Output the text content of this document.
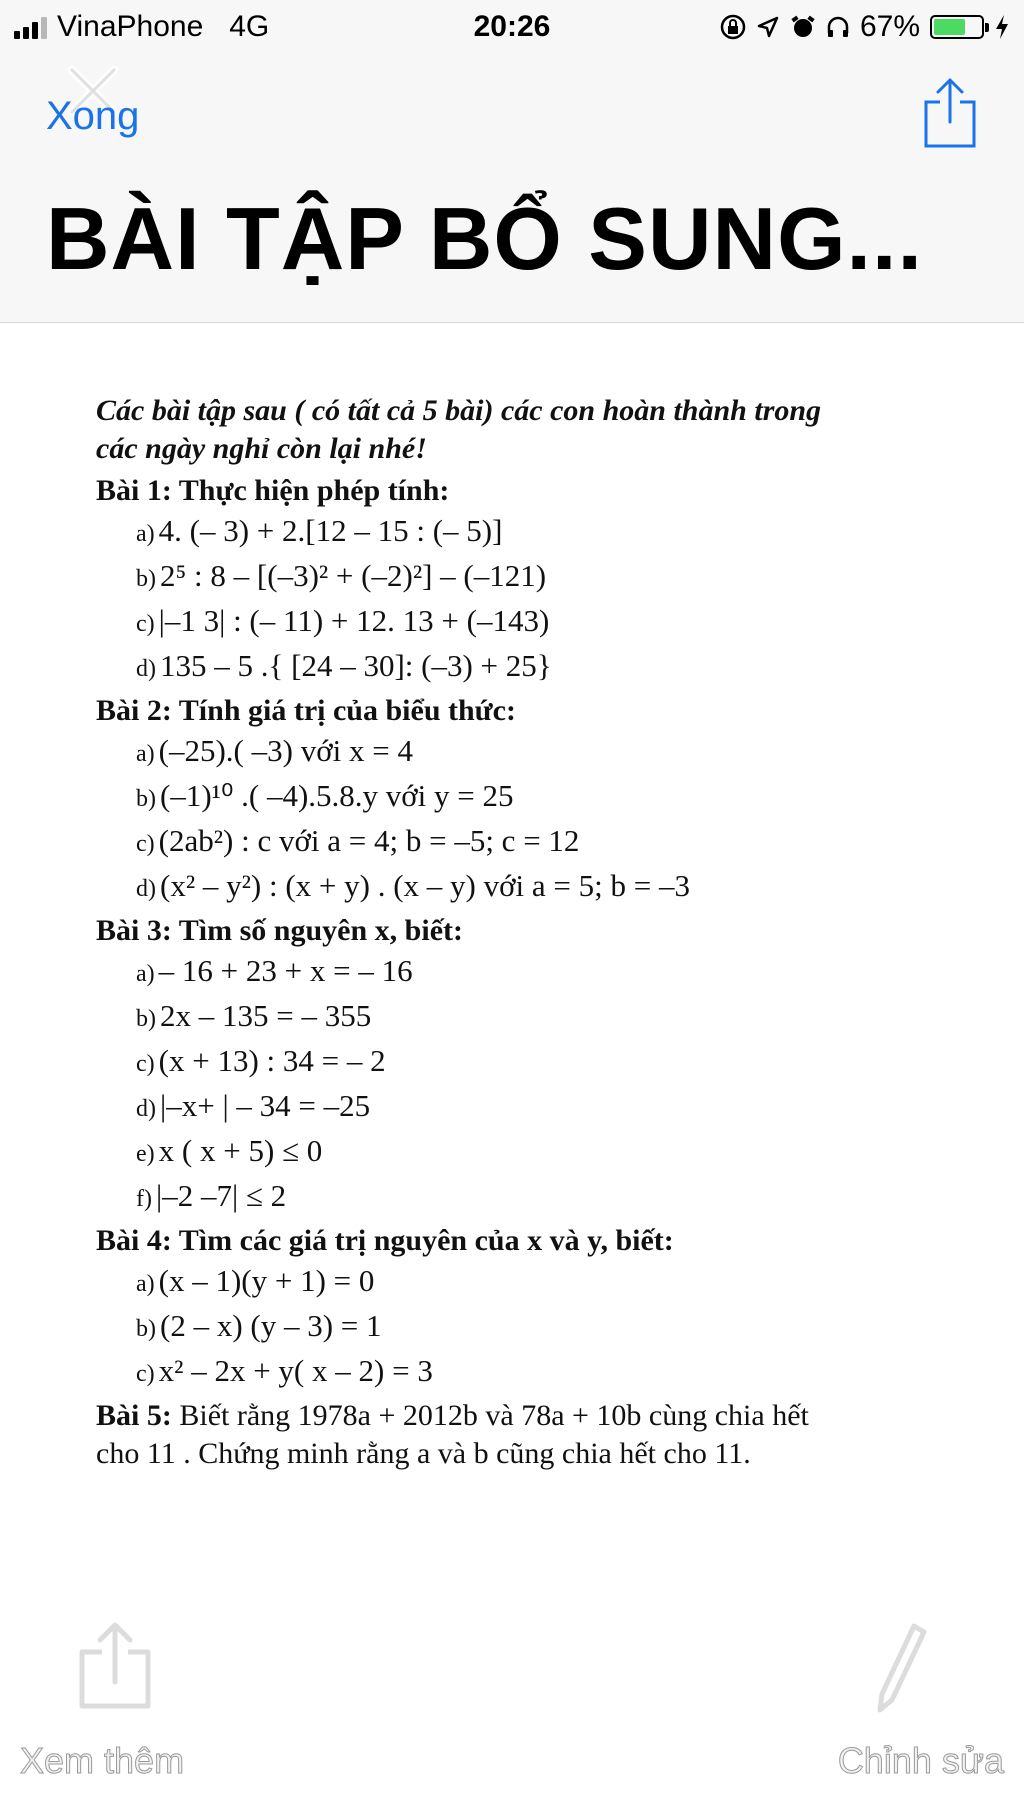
VinaPhone 4G	20:26	67%
Xong
BÀI TẬP BỔ SUNG...
Các bài tập sau ( có tất cả 5 bài) các con hoàn thành trong
các ngày nghỉ còn lại nhé!
Bài 1: Thực hiện phép tính:
a) 4. (– 3) + 2.[12 – 15 : (– 5)]
b) 2⁵ : 8 – [(–3)² + (–2)²] – (–121)
c) |–1 3| : (– 11) + 12. 13 + (–143)
d) 135 – 5 .{ [24 – 30]: (–3) + 25}
Bài 2: Tính giá trị của biểu thức:
a) (–25).( –3) với x = 4
b) (–1)¹⁰ .( –4).5.8.y với y = 25
c) (2ab²) : c với a = 4; b = –5; c = 12
d) (x² – y²) : (x + y) . (x – y) với a = 5; b = –3
Bài 3: Tìm số nguyên x, biết:
a) – 16 + 23 + x = – 16
b) 2x – 135 = – 355
c) (x + 13) : 34 = – 2
d) |–x+ | – 34 = –25
e) x ( x + 5) ≤ 0
f) |–2 –7| ≤ 2
Bài 4: Tìm các giá trị nguyên của x và y, biết:
a) (x – 1)(y + 1) = 0
b) (2 – x) (y – 3) = 1
c) x² – 2x + y( x – 2) = 3
Bài 5: Biết rằng 1978a + 2012b và 78a + 10b cùng chia hết
cho 11 . Chứng minh rằng a và b cũng chia hết cho 11.
Xem thêm	Chỉnh sửa
